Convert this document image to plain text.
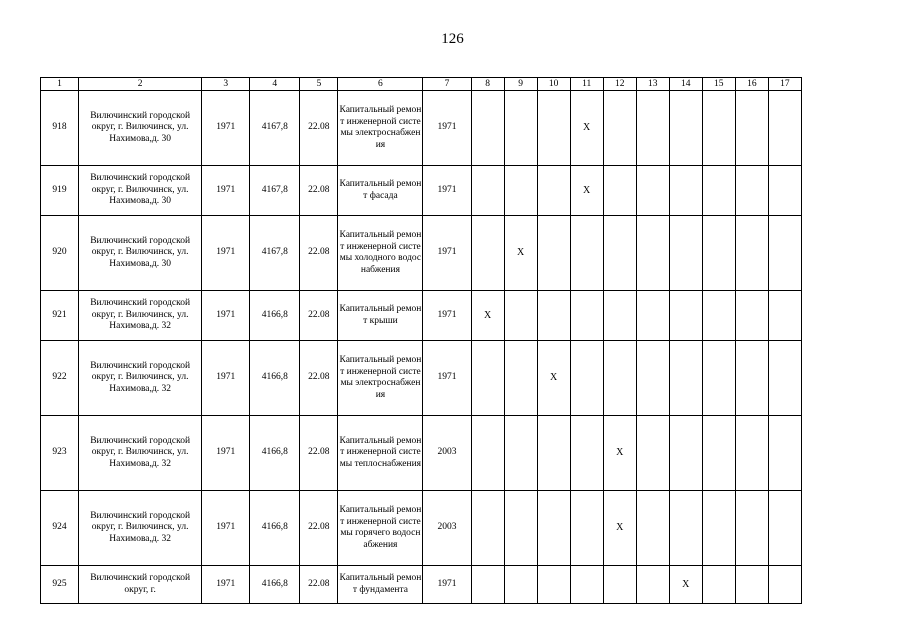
126
1	2	3	4	5	6	7	8	9	10	11	12	13	14	15	16	17
918	Вилючинский городской округ, г. Вилючинск, ул. Нахимова,д. 30	1971	4167,8	22.08	Капитальный ремонт инженерной системы электроснабжения	1971				Х						
919	Вилючинский городской округ, г. Вилючинск, ул. Нахимова,д. 30	1971	4167,8	22.08	Капитальный ремонт фасада	1971				Х						
920	Вилючинский городской округ, г. Вилючинск, ул. Нахимова,д. 30	1971	4167,8	22.08	Капитальный ремонт инженерной системы холодного водоснабжения	1971		Х								
921	Вилючинский городской округ, г. Вилючинск, ул. Нахимова,д. 32	1971	4166,8	22.08	Капитальный ремонт крыши	1971	Х									
922	Вилючинский городской округ, г. Вилючинск, ул. Нахимова,д. 32	1971	4166,8	22.08	Капитальный ремонт инженерной системы электроснабжения	1971			Х							
923	Вилючинский городской округ, г. Вилючинск, ул. Нахимова,д. 32	1971	4166,8	22.08	Капитальный ремонт инженерной системы теплоснабжения	2003					Х					
924	Вилючинский городской округ, г. Вилючинск, ул. Нахимова,д. 32	1971	4166,8	22.08	Капитальный ремонт инженерной системы горячего водоснабжения	2003					Х					
925	Вилючинский городской округ, г.	1971	4166,8	22.08	Капитальный ремонт фундамента	1971							Х			
